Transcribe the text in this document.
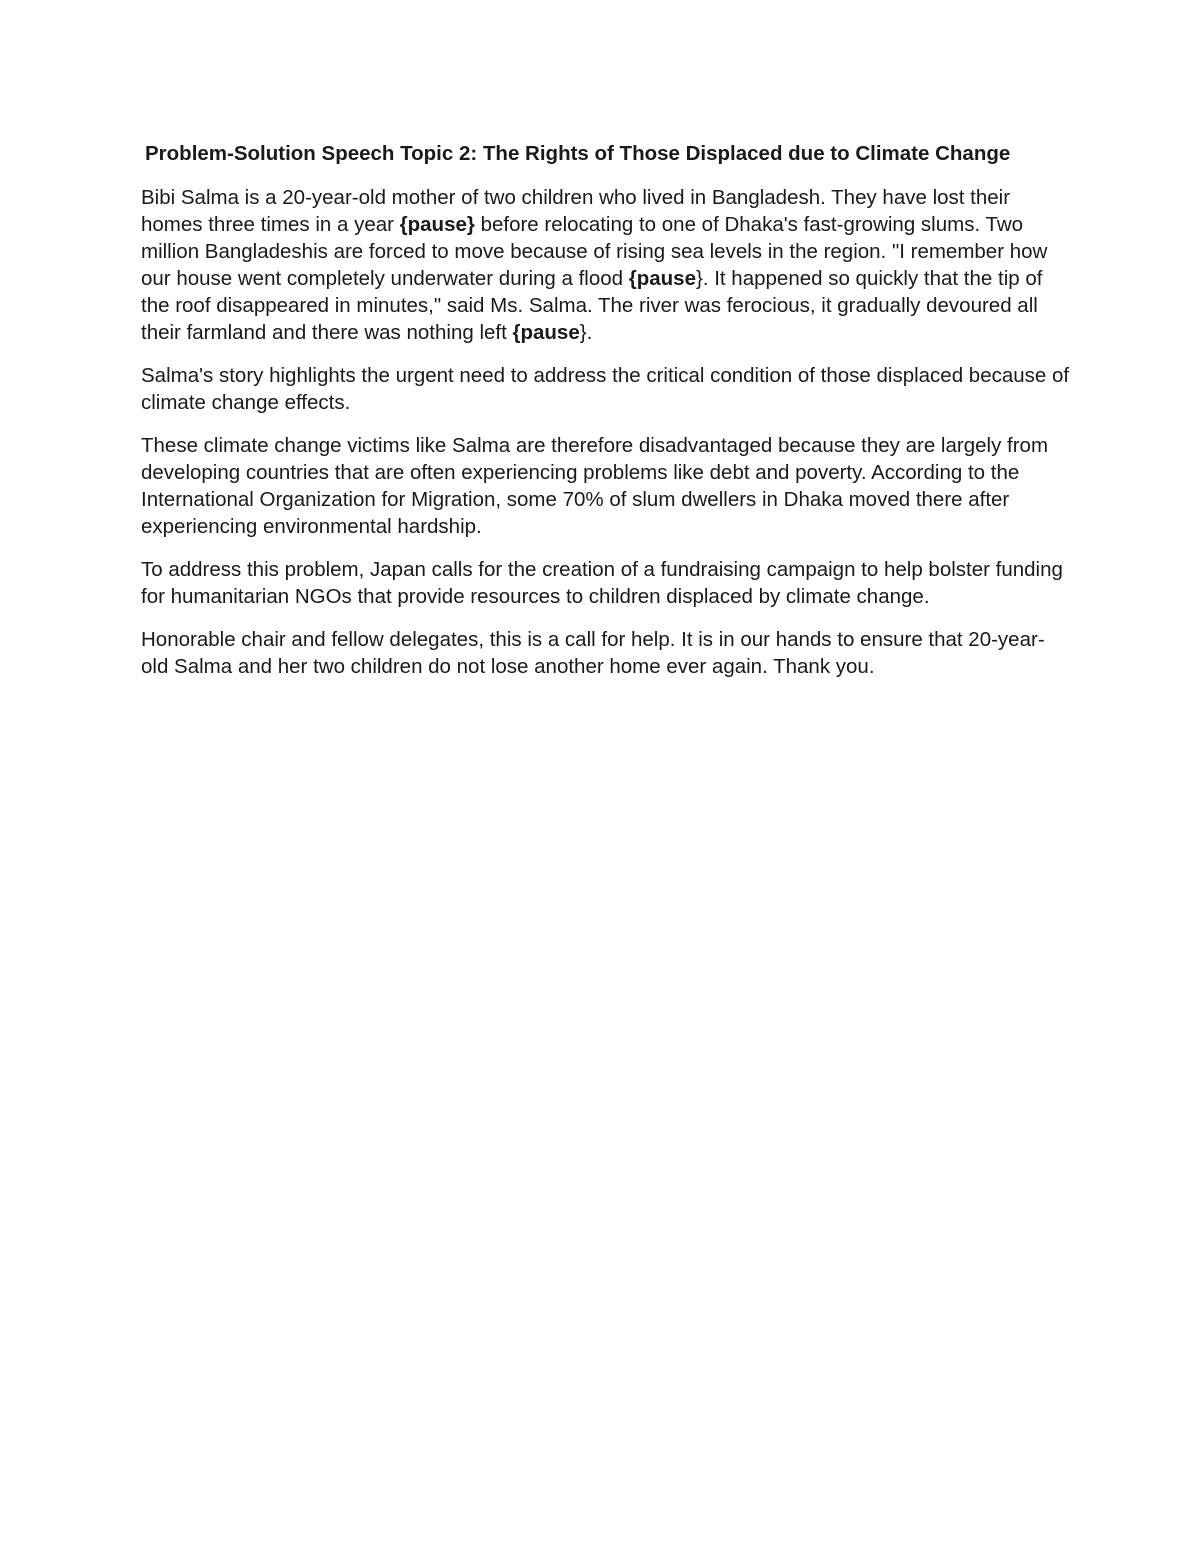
Problem-Solution Speech Topic 2: The Rights of Those Displaced due to Climate Change

Bibi Salma is a 20-year-old mother of two children who lived in Bangladesh. They have lost their homes three times in a year {pause} before relocating to one of Dhaka's fast-growing slums. Two million Bangladeshis are forced to move because of rising sea levels in the region. "I remember how our house went completely underwater during a flood {pause}. It happened so quickly that the tip of the roof disappeared in minutes," said Ms. Salma. The river was ferocious, it gradually devoured all their farmland and there was nothing left {pause}.

Salma's story highlights the urgent need to address the critical condition of those displaced because of climate change effects.

These climate change victims like Salma are therefore disadvantaged because they are largely from developing countries that are often experiencing problems like debt and poverty. According to the International Organization for Migration, some 70% of slum dwellers in Dhaka moved there after experiencing environmental hardship.

To address this problem, Japan calls for the creation of a fundraising campaign to help bolster funding for humanitarian NGOs that provide resources to children displaced by climate change.

Honorable chair and fellow delegates, this is a call for help. It is in our hands to ensure that 20-year-old Salma and her two children do not lose another home ever again. Thank you.
